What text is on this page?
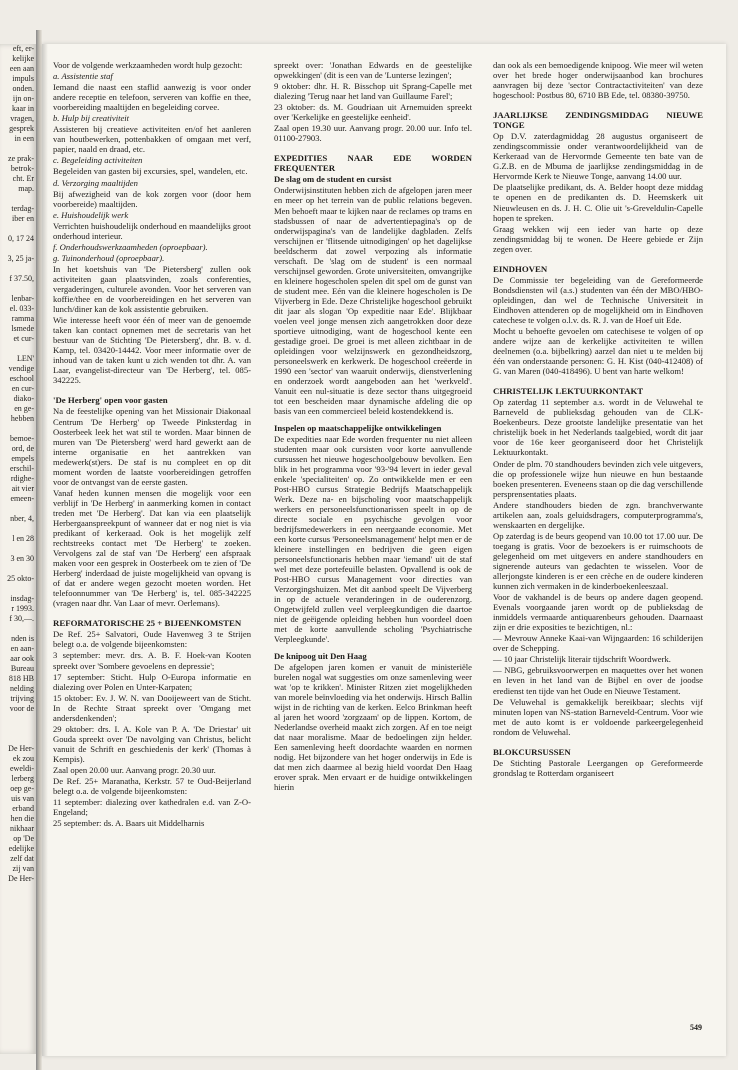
eft, er-
kelijke
een aan
impuls
onden.
ijn on-
kaar in
vragen,
gesprek
in een
ze prak-
betrok-
cht. Er
map.
terdag-
iber en
0, 17 24
3, 25 ja-
f 37.50,
lenbar-
el. 033-
ramma
lsmede
et cur-
LEN'
vendige
eschool
en cur-
diako-
en ge-
hebben
bemoe-
ord, de
empels
erschil-
rdighe-
ait vier
emeen-
nber, 4,
l en 28
3 en 30
25 okto-
insdag-
r 1993.
f 30,—.
nden is
en aan-
aar ook
Bureau
818 HB
nelding
trijving
voor de
De Her-
ek zou
eweldi-
lerberg
oep ge-
uis van
erband
hen die
nikhaar
op 'De
edelijke
zelf dat
zij van
De Her-

Voor de volgende werkzaamheden wordt hulp gezocht:

a. Assistentie staf

Iemand die naast een staflid aanwezig is voor onder andere receptie en telefoon, serveren van koffie en thee, voorbereiding maaltijden en begeleiding corvee.

b. Hulp bij creativiteit

Assisteren bij creatieve activiteiten en/of het aanleren van houtbewerken, pottenbakken of omgaan met verf, papier, naald en draad, etc.

c. Begeleiding activiteiten

Begeleiden van gasten bij excursies, spel, wandelen, etc.

d. Verzorging maaltijden

Bij afwezigheid van de kok zorgen voor (door hem voorbereide) maaltijden.

e. Huishoudelijk werk

Verrichten huishoudelijk onderhoud en maandelijks groot onderhoud interieur.

f. Onderhoudswerkzaamheden (oproepbaar).

g. Tuinonderhoud (oproepbaar).

In het koetshuis van 'De Pietersberg' zullen ook activiteiten gaan plaatsvinden, zoals conferenties, vergaderingen, culturele avonden. Voor het serveren van koffie/thee en de voorbereidingen en het serveren van lunch/diner kan de kok assistentie gebruiken.

Wie interesse heeft voor één of meer van de genoemde taken kan contact opnemen met de secretaris van het bestuur van de Stichting 'De Pietersberg', dhr. B. v. d. Kamp, tel. 03420-14442. Voor meer informatie over de inhoud van de taken kunt u zich wenden tot dhr. A. van Laar, evangelist-directeur van 'De Herberg', tel. 085-342225.

'De Herberg' open voor gasten

Na de feestelijke opening van het Missionair Diakonaal Centrum 'De Herberg' op Tweede Pinksterdag in Oosterbeek leek het wat stil te worden. Maar binnen de muren van 'De Pietersberg' werd hard gewerkt aan de interne organisatie en het aantrekken van medewerk(st)ers. De staf is nu compleet en op dit moment worden de laatste voorbereidingen getroffen voor de ontvangst van de eerste gasten.

Vanaf heden kunnen mensen die mogelijk voor een verblijf in 'De Herberg' in aanmerking komen in contact treden met 'De Herberg'. Dat kan via een plaatselijk Herbergaanspreekpunt of wanneer dat er nog niet is via predikant of kerkeraad. Ook is het mogelijk zelf rechtstreeks contact met 'De Herberg' te zoeken. Vervolgens zal de staf van 'De Herberg' een afspraak maken voor een gesprek in Oosterbeek om te zien of 'De Herberg' inderdaad de juiste mogelijkheid van opvang is of dat er andere wegen gezocht moeten worden. Het telefoonnummer van 'De Herberg' is, tel. 085-342225 (vragen naar dhr. Van Laar of mevr. Oerlemans).

REFORMATORISCHE 25 + BIJEENKOMSTEN

De Ref. 25+ Salvatori, Oude Havenweg 3 te Strijen belegt o.a. de volgende bijeenkomsten:

3 september: mevr. drs. A. B. F. Hoek-van Kooten spreekt over 'Sombere gevoelens en depressie';

17 september: Sticht. Hulp O-Europa informatie en dialezing over Polen en Unter-Karpaten;

15 oktober: Ev. J. W. N. van Dooijeweert van de Sticht. In de Rechte Straat spreekt over 'Omgang met andersdenkenden';

29 oktober: drs. I. A. Kole van P. A. 'De Driestar' uit Gouda spreekt over 'De navolging van Christus, belicht vanuit de Schrift en geschiedenis der kerk' (Thomas à Kempis).

Zaal open 20.00 uur. Aanvang progr. 20.30 uur.

De Ref. 25+ Maranatha, Kerkstr. 57 te Oud-Beijerland belegt o.a. de volgende bijeenkomsten:

11 september: dialezing over kathedralen e.d. van Z-O-Engeland;

25 september: ds. A. Baars uit Middelharnis

spreekt over: 'Jonathan Edwards en de geestelijke opwekkingen' (dit is een van de 'Lunterse lezingen';

9 oktober: dhr. H. R. Bisschop uit Sprang-Capelle met dialezing 'Terug naar het land van Guillaume Farel';

23 oktober: ds. M. Goudriaan uit Arnemuiden spreekt over 'Kerkelijke en geestelijke eenheid'.

Zaal open 19.30 uur. Aanvang progr. 20.00 uur. Info tel. 01100-27903.

EXPEDITIES NAAR EDE WORDEN FREQUENTER

De slag om de student en cursist

Onderwijsinstituten hebben zich de afgelopen jaren meer en meer op het terrein van de public relations begeven. Men behoeft maar te kijken naar de reclames op trams en stadsbussen of naar de advertentiepagina's op de onderwijspagina's van de landelijke dagbladen. Zelfs verschijnen er 'flitsende uitnodigingen' op het dagelijkse beeldscherm dat zowel verpozing als informatie verschaft. De 'slag om de student' is een normaal verschijnsel geworden. Grote universiteiten, omvangrijke en kleinere hogescholen spelen dit spel om de gunst van de student mee. Eén van die kleinere hogescholen is De Vijverberg in Ede. Deze Christelijke hogeschool gebruikt dit jaar als slogan 'Op expeditie naar Ede'. Blijkbaar voelen veel jonge mensen zich aangetrokken door deze sportieve uitnodiging, want de hogeschool kente een gestadige groei. De groei is met alleen zichtbaar in de opleidingen voor welzijnswerk en gezondheidszorg, personeelswerk en kerkwerk. De hogeschool creëerde in 1990 een 'sector' van waaruit onderwijs, dienstverlening en onderzoek wordt aangeboden aan het 'werkveld'. Vanuit een nul-situatie is deze sector thans uitgegroeid tot een bescheiden maar dynamische afdeling die op basis van een commercieel beleid kostendekkend is.

Inspelen op maatschappelijke ontwikkelingen

De expedities naar Ede worden frequenter nu niet alleen studenten maar ook cursisten voor korte aanvullende cursussen het nieuwe hogeschoolgebouw bevolken. Een blik in het programma voor '93-'94 levert in ieder geval enkele 'specialiteiten' op. Zo ontwikkelde men er een Post-HBO cursus Strategie Bedrijfs Maatschappelijk Werk. Deze na- en bijscholing voor maatschappelijk werkers en personeelsfunctionarissen speelt in op de directe sociale en psychische gevolgen voor bedrijfsmedewerkers in een neergaande economie. Met een korte cursus 'Personeelsmanagement' helpt men er de kleinere instellingen en bedrijven die geen eigen personeelsfunctionaris hebben maar 'iemand' uit de staf wel met deze portefeuille belasten. Opvallend is ook de Post-HBO cursus Management voor directies van Verzorgingshuizen. Met dit aanbod speelt De Vijverberg in op de actuele veranderingen in de ouderenzorg. Ongetwijfeld zullen veel verpleegkundigen die daartoe niet de geëigende opleiding hebben hun voordeel doen met de korte aanvullende scholing 'Psychiatrische Verpleegkunde'.

De knipoog uit Den Haag

De afgelopen jaren komen er vanuit de ministeriële burelen nogal wat suggesties om onze samenleving weer wat 'op te krikken'. Minister Ritzen ziet mogelijkheden van morele beïnvloeding via het onderwijs. Hirsch Ballin wijst in de richting van de kerken. Eelco Brinkman heeft al jaren het woord 'zorgzaam' op de lippen. Kortom, de Nederlandse overheid maakt zich zorgen. Af en toe neigt dat naar moralisme. Maar de bedoelingen zijn helder. Een samenleving heeft doordachte waarden en normen nodig. Het bijzondere van het hoger onderwijs in Ede is dat men zich daarmee al bezig hield voordat Den Haag erover sprak. Men ervaart er de huidige ontwikkelingen hierin

dan ook als een bemoedigende knipoog. Wie meer wil weten over het brede hoger onderwijsaanbod kan brochures aanvragen bij deze 'sector Contractactiviteiten' van deze hogeschool: Postbus 80, 6710 BB Ede, tel. 08380-39750.

JAARLIJKSE ZENDINGSMIDDAG NIEUWE TONGE

Op D.V. zaterdagmiddag 28 augustus organiseert de zendingscommissie onder verantwoordelijkheid van de Kerkeraad van de Hervormde Gemeente ten bate van de G.Z.B. en de Mbuma de jaarlijkse zendingsmiddag in de Hervormde Kerk te Nieuwe Tonge, aanvang 14.00 uur.

De plaatselijke predikant, ds. A. Belder hoopt deze middag te openen en de predikanten ds. D. Heemskerk uit Nieuwleusen en ds. J. H. C. Olie uit 's-Greveldulin-Capelle hopen te spreken.

Graag wekken wij een ieder van harte op deze zendingsmiddag bij te wonen. De Heere gebiede er Zijn zegen over.

EINDHOVEN

De Commissie ter begeleiding van de Gereformeerde Bondsdiensten wil (a.s.) studenten van één der MBO/HBO-opleidingen, dan wel de Technische Universiteit in Eindhoven attenderen op de mogelijkheid om in Eindhoven catechese te volgen o.l.v. ds. R. J. van de Hoef uit Ede.

Mocht u behoefte gevoelen om catechisese te volgen of op andere wijze aan de kerkelijke activiteiten te willen deelnemen (o.a. bijbelkring) aarzel dan niet u te melden bij één van onderstaande personen: G. H. Kist (040-412408) of G. van Maren (040-418496). U bent van harte welkom!

CHRISTELIJK LEKTUURKONTAKT

Op zaterdag 11 september a.s. wordt in de Veluwehal te Barneveld de publieksdag gehouden van de CLK-Boekenbeurs. Deze grootste landelijke presentatie van het christelijk boek in het Nederlands taalgebied, wordt dit jaar voor de 16e keer georganiseerd door het Christelijk Lektuurkontakt.

Onder de plm. 70 standhouders bevinden zich vele uitgevers, die op professionele wijze hun nieuwe en hun bestaande boeken presenteren. Eveneens staan op die dag verschillende persprensentaties plaats.

Andere standhouders bieden de zgn. branchverwante artikelen aan, zoals geluidsdragers, computerprogramma's, wenskaarten en dergelijke.

Op zaterdag is de beurs geopend van 10.00 tot 17.00 uur. De toegang is gratis. Voor de bezoekers is er ruimschoots de gelegenheid om met uitgevers en andere standhouders en signerende auteurs van gedachten te wisselen. Voor de allerjongste kinderen is er een crèche en de oudere kinderen kunnen zich vermaken in de kinderboekenleeszaal.

Voor de vakhandel is de beurs op andere dagen geopend. Evenals voorgaande jaren wordt op de publieksdag de inmiddels vermaarde antiquarenbeurs gehouden. Daarnaast zijn er drie exposities te bezichtigen, nl.:

— Mevrouw Anneke Kaai-van Wijngaarden: 16 schilderijen over de Schepping.

— 10 jaar Christelijk literair tijdschrift Woordwerk.

— NBG, gebruiksvoorwerpen en maquettes over het wonen en leven in het land van de Bijbel en over de joodse eredienst ten tijde van het Oude en Nieuwe Testament.

De Veluwehal is gemakkelijk bereikbaar; slechts vijf minuten lopen van NS-station Barneveld-Centrum. Voor wie met de auto komt is er voldoende parkeergelegenheid rondom de Veluwehal.

BLOKCURSUSSEN

De Stichting Pastorale Leergangen op Gereformeerde grondslag te Rotterdam organiseert

549
